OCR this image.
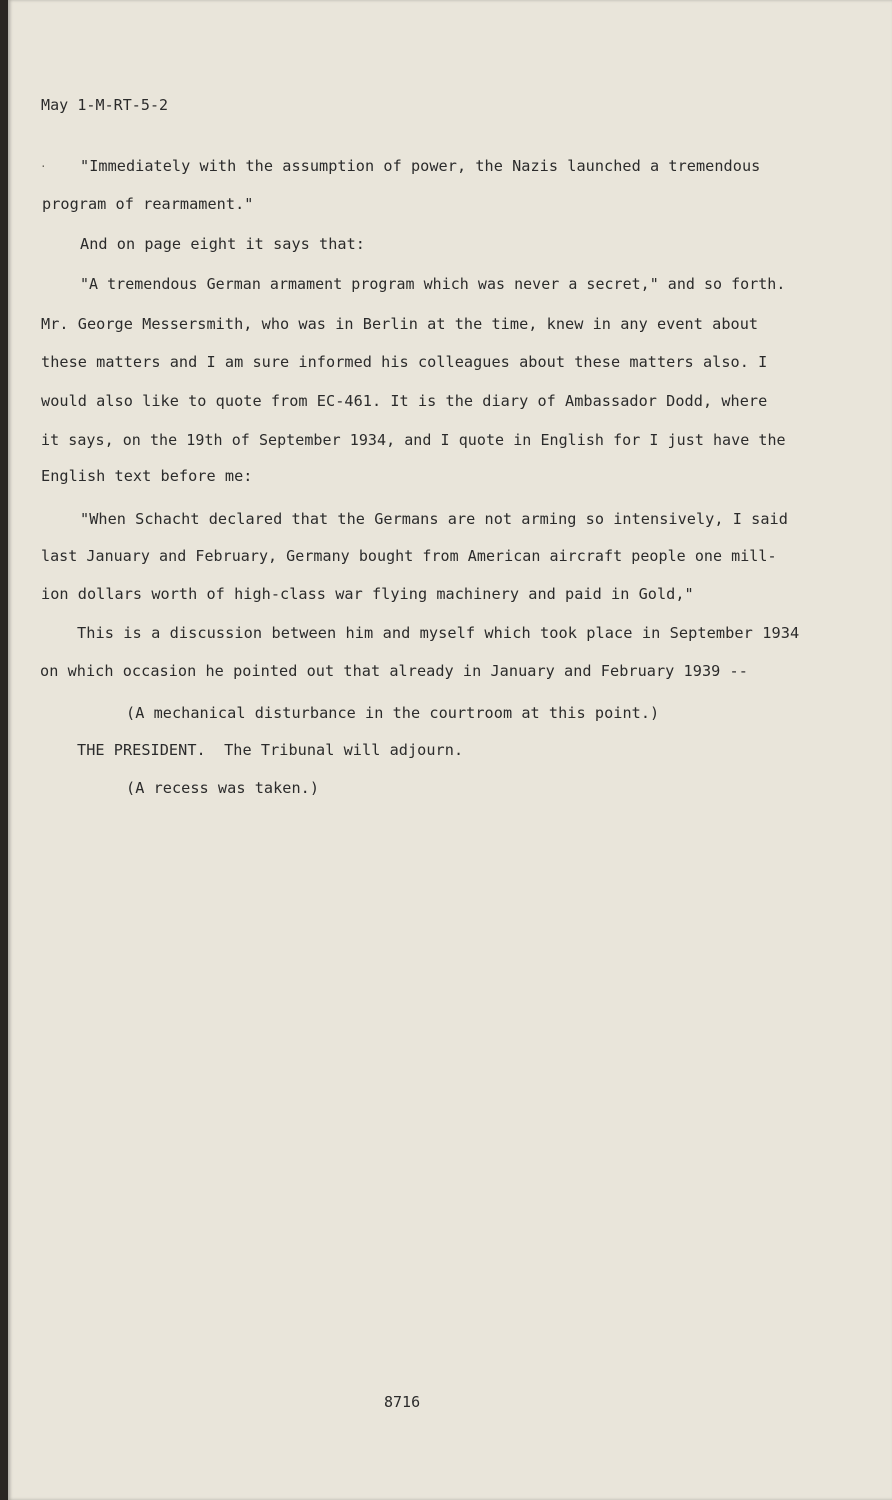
May 1-M-RT-5-2
· "Immediately with the assumption of power, the Nazis launched a tremendous
program of rearmament."
And on page eight it says that:
"A tremendous German armament program which was never a secret," and so forth.
Mr. George Messersmith, who was in Berlin at the time, knew in any event about
these matters and I am sure informed his colleagues about these matters also. I
would also like to quote from EC-461. It is the diary of Ambassador Dodd, where
it says, on the 19th of September 1934, and I quote in English for I just have the
English text before me:
"When Schacht declared that the Germans are not arming so intensively, I said
last January and February, Germany bought from American aircraft people one mill-
ion dollars worth of high-class war flying machinery and paid in Gold,"
This is a discussion between him and myself which took place in September 1934
on which occasion he pointed out that already in January and February 1939 --
(A mechanical disturbance in the courtroom at this point.)
THE PRESIDENT.  The Tribunal will adjourn.
(A recess was taken.)
8716
